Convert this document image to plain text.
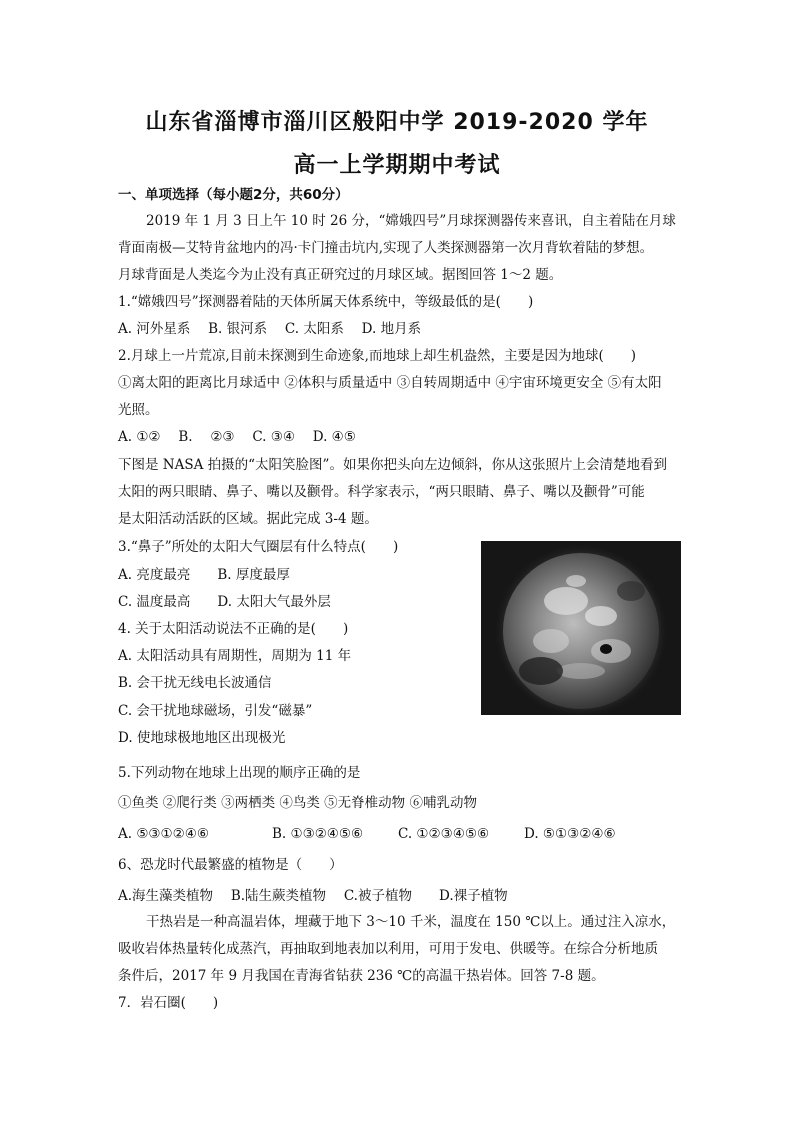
山东省淄博市淄川区般阳中学 2019-2020 学年
高一上学期期中考试
一、单项选择（每小题2分，共60分）
2019 年 1 月 3 日上午 10 时 26 分，“嫦娥四号”月球探测器传来喜讯，自主着陆在月球
背面南极—艾特肯盆地内的冯·卡门撞击坑内,实现了人类探测器第一次月背软着陆的梦想。
月球背面是人类迄今为止没有真正研究过的月球区域。据图回答 1～2 题。
1.“嫦娥四号”探测器着陆的天体所属天体系统中，等级最低的是(　　)
A. 河外星系　 B. 银河系　 C. 太阳系　 D. 地月系
2.月球上一片荒凉,目前未探测到生命迹象,而地球上却生机盎然，主要是因为地球(　　)
①离太阳的距离比月球适中 ②体积与质量适中 ③自转周期适中 ④宇宙环境更安全 ⑤有太阳
光照。
A. ①②　 B.　 ②③　 C. ③④　 D. ④⑤
下图是 NASA 拍摄的“太阳笑脸图”。如果你把头向左边倾斜，你从这张照片上会清楚地看到
太阳的两只眼睛、鼻子、嘴以及颧骨。科学家表示，“两只眼睛、鼻子、嘴以及颧骨”可能
是太阳活动活跃的区域。据此完成 3-4 题。
3.“鼻子”所处的太阳大气圈层有什么特点(　　)
A. 亮度最亮　　B. 厚度最厚
C. 温度最高　　D. 太阳大气最外层
4. 关于太阳活动说法不正确的是(　　)
A. 太阳活动具有周期性，周期为 11 年
B. 会干扰无线电长波通信
C. 会干扰地球磁场，引发“磁暴”
D. 使地球极地地区出现极光
5.下列动物在地球上出现的顺序正确的是
①鱼类 ②爬行类 ③两栖类 ④鸟类 ⑤无脊椎动物 ⑥哺乳动物
A. ⑤③①②④⑥	B. ①③②④⑤⑥	C. ①②③④⑤⑥	D. ⑤①③②④⑥
6、恐龙时代最繁盛的植物是（　　）
A.海生藻类植物　 B.陆生蕨类植物　 C.被子植物　　D.裸子植物
干热岩是一种高温岩体，埋藏于地下 3～10 千米，温度在 150 ℃以上。通过注入凉水，
吸收岩体热量转化成蒸汽，再抽取到地表加以利用，可用于发电、供暖等。在综合分析地质
条件后，2017 年 9 月我国在青海省钻获 236 ℃的高温干热岩体。回答 7-8 题。
7．岩石圈(　　)
